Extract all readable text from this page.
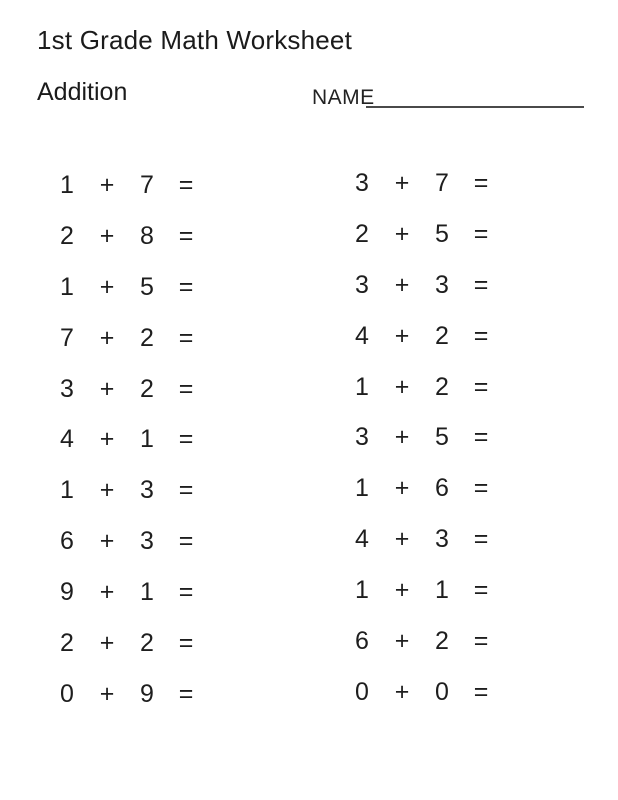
1st Grade Math Worksheet
Addition	NAME
1	+	7 =
2	+	8 =
1	+	5 =
7	+	2 =
3	+	2 =
4	+	1 =
1	+	3 =
6	+	3 =
9	+	1 =
2	+	2 =
0	+	9 =
3	+	7 =
2	+	5 =
3	+	3 =
4	+	2 =
1	+	2 =
3	+	5 =
1	+	6 =
4	+	3 =
1	+	1 =
6	+	2 =
0	+	0 =
